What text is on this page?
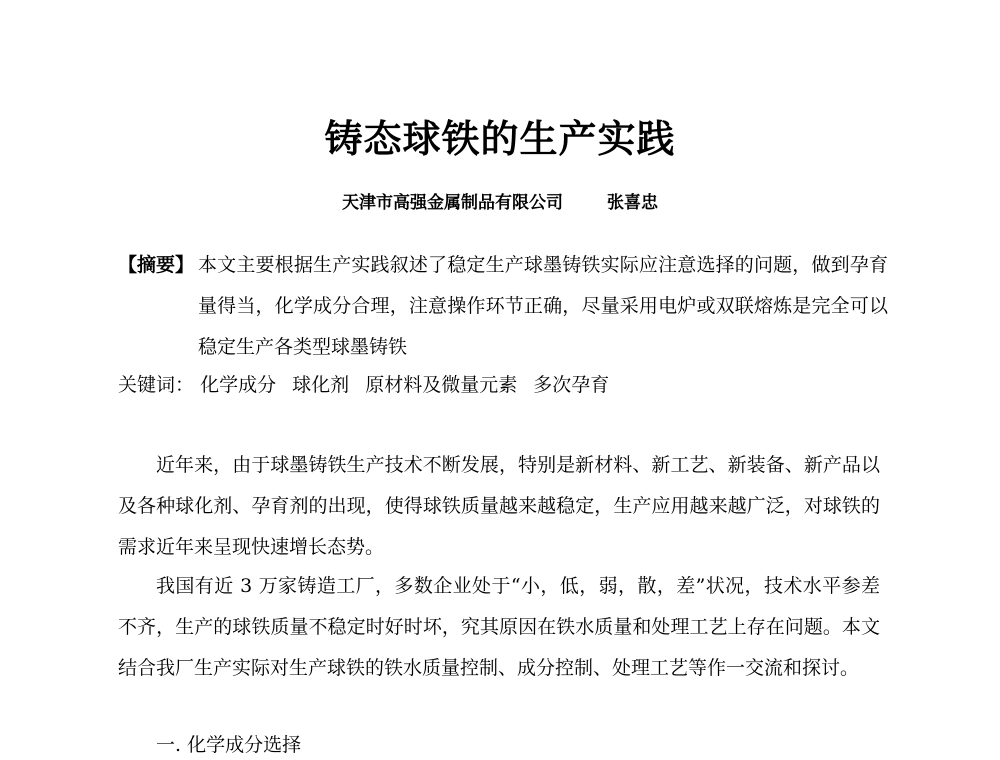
铸态球铁的生产实践
天津市高强金属制品有限公司	张喜忠
【摘要】 本文主要根据生产实践叙述了稳定生产球墨铸铁实际应注意选择的问题，做到孕育量得当，化学成分合理，注意操作环节正确，尽量采用电炉或双联熔炼是完全可以稳定生产各类型球墨铸铁
关键词： 化学成分 球化剂 原材料及微量元素 多次孕育
近年来，由于球墨铸铁生产技术不断发展，特别是新材料、新工艺、新装备、新产品以及各种球化剂、孕育剂的出现，使得球铁质量越来越稳定，生产应用越来越广泛，对球铁的需求近年来呈现快速增长态势。
我国有近 3 万家铸造工厂，多数企业处于“小，低，弱，散，差”状况，技术水平参差不齐，生产的球铁质量不稳定时好时坏，究其原因在铁水质量和处理工艺上存在问题。本文结合我厂生产实际对生产球铁的铁水质量控制、成分控制、处理工艺等作一交流和探讨。
一. 化学成分选择
